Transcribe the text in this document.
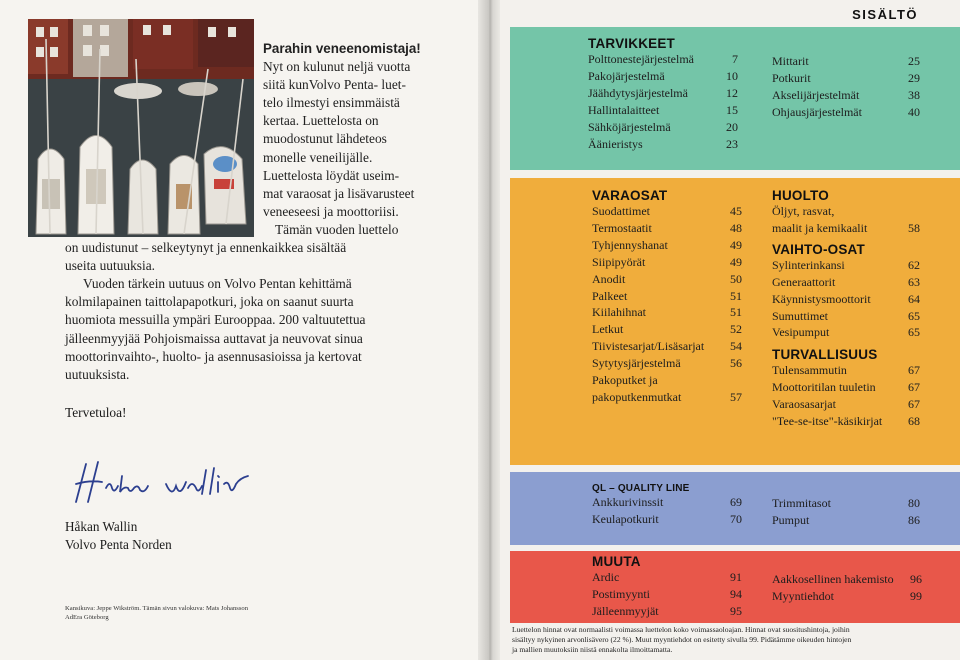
Parahin veneenomistaja!
Nyt on kulunut neljä vuotta
siitä kunVolvo Penta- luet-
telo ilmestyi ensimmäistä
kertaa. Luettelosta on
muodostunut lähdeteos
monelle veneilijälle.
Luettelosta löydät useim-
mat varaosat ja lisävarusteet
veneeseesi ja moottoriisi.
Tämän vuoden luettelo
on uudistunut – selkeytynyt ja ennenkaikkea sisältää
useita uutuuksia.
Vuoden tärkein uutuus on Volvo Pentan kehittämä
kolmilapainen taittolapapotkuri, joka on saanut suurta
huomiota messuilla ympäri Eurooppaa. 200 valtuutettua
jälleenmyyjää Pohjoismaissa auttavat ja neuvovat sinua
moottorinvaihto-, huolto- ja asennusasioissa ja kertovat
uutuuksista.
Tervetuloa!
Håkan Wallin
Volvo Penta Norden
Kansikuva: Jeppe Wikström. Tämän sivun valokuva: Mats Johansson
AdEra Göteborg
SISÄLTÖ
TARVIKKEET
Polttonestejärjestelmä	7
Pakojärjestelmä	10
Jäähdytysjärjestelmä	12
Hallintalaitteet	15
Sähköjärjestelmä	20
Äänieristys	23
Mittarit	25
Potkurit	29
Akselijärjestelmät	38
Ohjausjärjestelmät	40
VARAOSAT
Suodattimet	45
Termostaatit	48
Tyhjennyshanat	49
Siipipyörät	49
Anodit	50
Palkeet	51
Kiilahihnat	51
Letkut	52
Tiivistesarjat/Lisäsarjat	54
Sytytysjärjestelmä	56
Pakoputket ja
pakoputkenmutkat	57
HUOLTO
Öljyt, rasvat,
maalit ja kemikaalit	58
VAIHTO-OSAT
Sylinterinkansi	62
Generaattorit	63
Käynnistysmoottorit	64
Sumuttimet	65
Vesipumput	65
TURVALLISUUS
Tulensammutin	67
Moottoritilan tuuletin	67
Varaosasarjat	67
"Tee-se-itse"-käsikirjat	68
QL – QUALITY LINE
Ankkurivinssit	69
Keulapotkurit	70
Trimmitasot	80
Pumput	86
MUUTA
Ardic	91
Postimyynti	94
Jälleenmyyjät	95
Aakkosellinen hakemisto	96
Myyntiehdot	99
Luettelon hinnat ovat normaalisti voimassa luettelon koko voimassaoloajan. Hinnat ovat suositushintoja, joihin
sisältyy nykyinen arvonlisävero (22 %). Muut myyntiehdot on esitetty sivulla 99. Pidätämme oikeuden hintojen
ja mallien muutoksiin niistä ennakolta ilmoittamatta.
